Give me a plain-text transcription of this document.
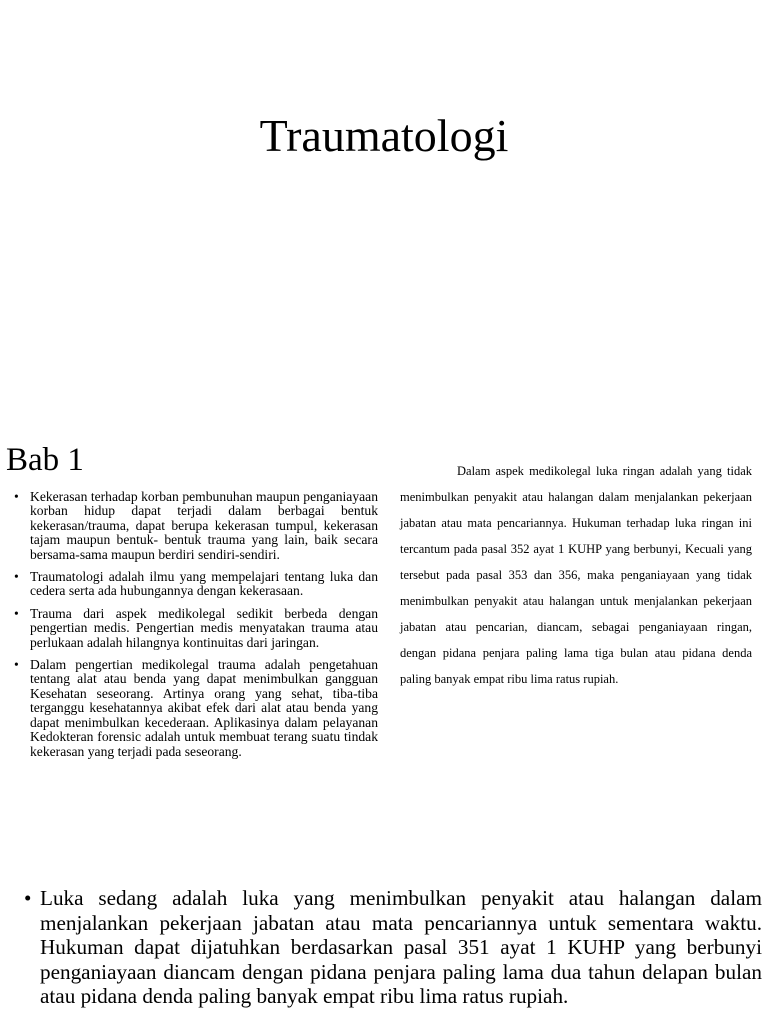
Traumatologi
Bab 1
• Kekerasan terhadap korban pembunuhan maupun penganiayaan korban hidup dapat terjadi dalam berbagai bentuk kekerasan/trauma, dapat berupa kekerasan tumpul, kekerasan tajam maupun bentuk- bentuk trauma yang lain, baik secara bersama-sama maupun berdiri sendiri-sendiri.
• Traumatologi adalah ilmu yang mempelajari tentang luka dan cedera serta ada hubungannya dengan kekerasaan.
• Trauma dari aspek medikolegal sedikit berbeda dengan pengertian medis. Pengertian medis menyatakan trauma atau perlukaan adalah hilangnya kontinuitas dari jaringan.
• Dalam pengertian medikolegal trauma adalah pengetahuan tentang alat atau benda yang dapat menimbulkan gangguan Kesehatan seseorang. Artinya orang yang sehat, tiba-tiba terganggu kesehatannya akibat efek dari alat atau benda yang dapat menimbulkan kecederaan. Aplikasinya dalam pelayanan Kedokteran forensic adalah untuk membuat terang suatu tindak kekerasan yang terjadi pada seseorang.

Dalam aspek medikolegal luka ringan adalah yang tidak menimbulkan penyakit atau halangan dalam menjalankan pekerjaan jabatan atau mata pencariannya. Hukuman terhadap luka ringan ini tercantum pada pasal 352 ayat 1 KUHP yang berbunyi, Kecuali yang tersebut pada pasal 353 dan 356, maka penganiayaan yang tidak menimbulkan penyakit atau halangan untuk menjalankan pekerjaan jabatan atau pencarian, diancam, sebagai penganiayaan ringan, dengan pidana penjara paling lama tiga bulan atau pidana denda paling banyak empat ribu lima ratus rupiah.

• Luka sedang adalah luka yang menimbulkan penyakit atau halangan dalam menjalankan pekerjaan jabatan atau mata pencariannya untuk sementara waktu. Hukuman dapat dijatuhkan berdasarkan pasal 351 ayat 1 KUHP yang berbunyi penganiayaan diancam dengan pidana penjara paling lama dua tahun delapan bulan atau pidana denda paling banyak empat ribu lima ratus rupiah.
